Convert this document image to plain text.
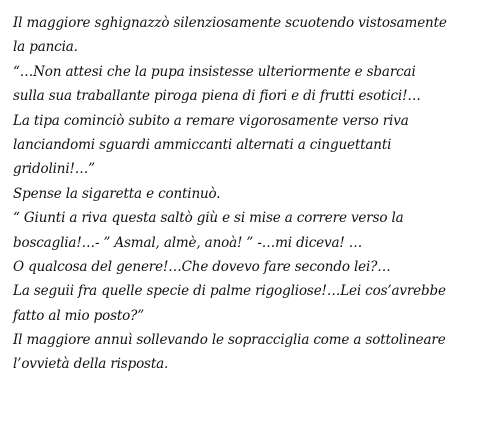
Il maggiore sghignazzò silenziosamente scuotendo vistosamente la pancia. “…Non attesi che la pupa insistesse ulteriormente e sbarcai sulla sua traballante piroga piena di fiori e di frutti esotici!… La tipa cominciò subito a remare vigorosamente verso riva lanciandomi sguardi ammiccanti alternati a cinguettanti gridolini!…” Spense la sigaretta e continuò. “ Giunti a riva questa saltò giù e si mise a correre verso la boscaglia!…- ” Asmal, almè, anoà! ” -…mi diceva! … O qualcosa del genere!…Che dovevo fare secondo lei?… La seguii fra quelle specie di palme rigogliose!…Lei cos’avrebbe fatto al mio posto?” Il maggiore annuì sollevando le sopracciglia come a sottolineare l’ovvietà della risposta.
